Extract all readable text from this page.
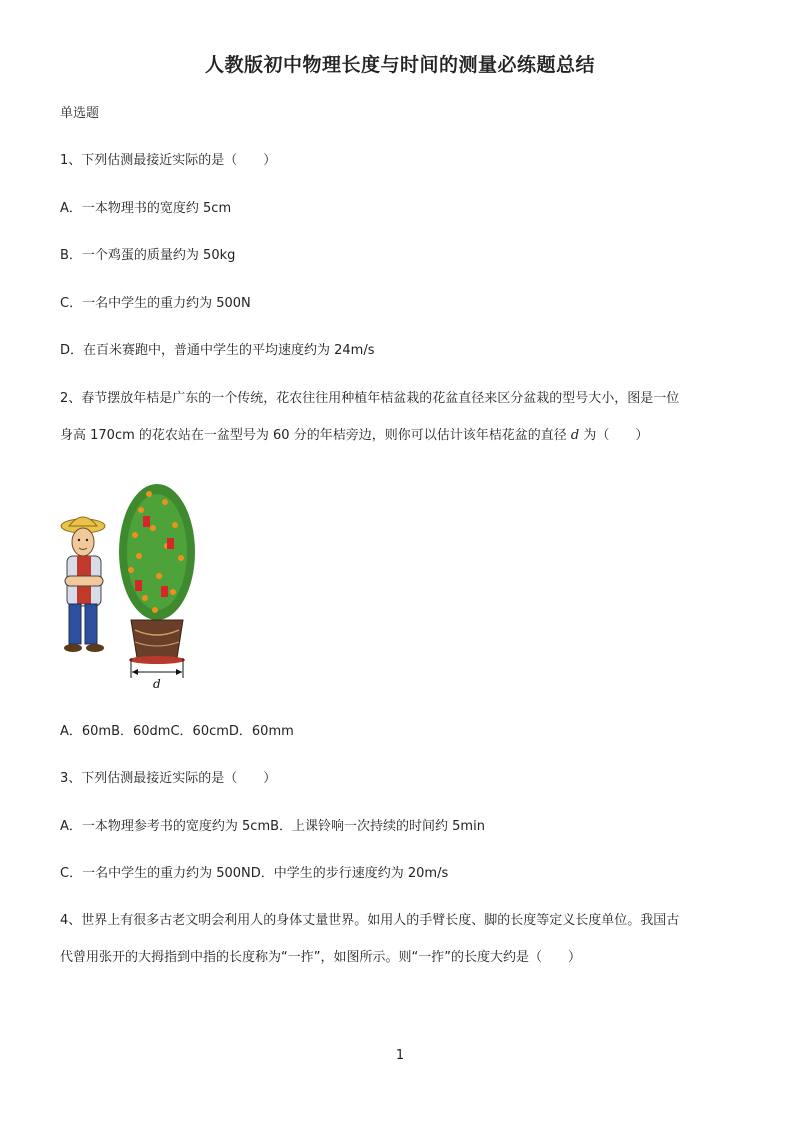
人教版初中物理长度与时间的测量必练题总结
单选题
1、下列估测最接近实际的是（　　）
A．一本物理书的宽度约 5cm
B．一个鸡蛋的质量约为 50kg
C．一名中学生的重力约为 500N
D．在百米赛跑中，普通中学生的平均速度约为 24m/s
2、春节摆放年桔是广东的一个传统，花农往往用种植年桔盆栽的花盆直径来区分盆栽的型号大小，图是一位
身高 170cm 的花农站在一盆型号为 60 分的年桔旁边，则你可以估计该年桔花盆的直径 d 为（　　）
d
A．60mB．60dmC．60cmD．60mm
3、下列估测最接近实际的是（　　）
A．一本物理参考书的宽度约为 5cmB．上课铃响一次持续的时间约 5min
C．一名中学生的重力约为 500ND．中学生的步行速度约为 20m/s
4、世界上有很多古老文明会利用人的身体丈量世界。如用人的手臂长度、脚的长度等定义长度单位。我国古
代曾用张开的大拇指到中指的长度称为“一拃”，如图所示。则“一拃”的长度大约是（　　）
1
